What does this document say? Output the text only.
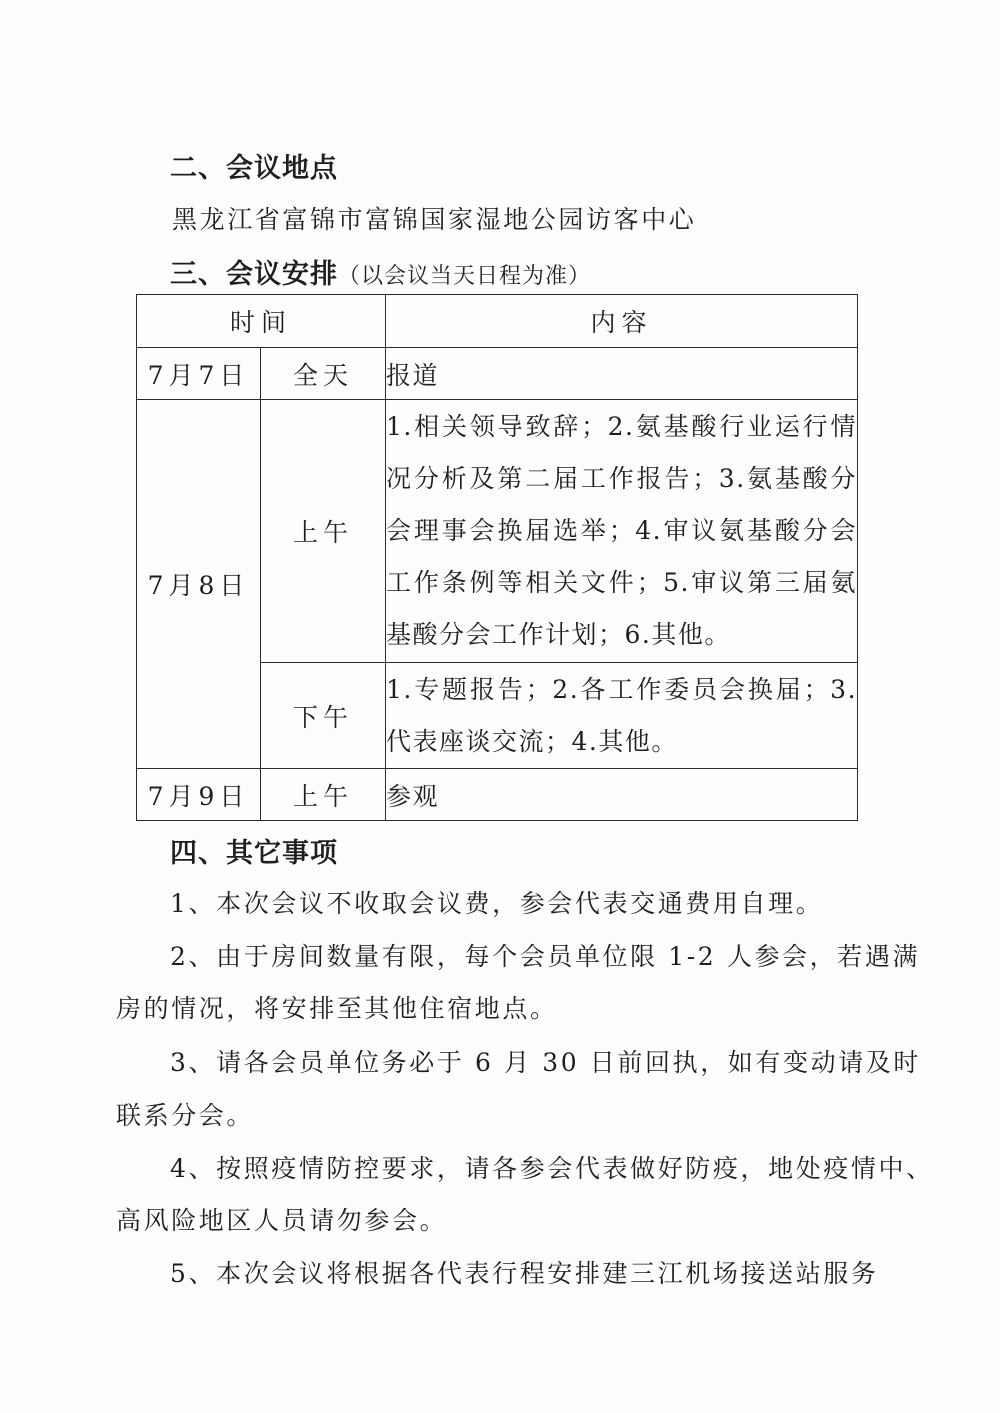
二、会议地点
黑龙江省富锦市富锦国家湿地公园访客中心
三、会议安排（以会议当天日程为准）
时间		内容
7月7日	全天	报道
7月8日	上午	1.相关领导致辞；2.氨基酸行业运行情况分析及第二届工作报告；3.氨基酸分会理事会换届选举；4.审议氨基酸分会工作条例等相关文件；5.审议第三届氨基酸分会工作计划；6.其他。
	下午	1.专题报告；2.各工作委员会换届；3.代表座谈交流；4.其他。
7月9日	上午	参观
四、其它事项
1、本次会议不收取会议费，参会代表交通费用自理。
2、由于房间数量有限，每个会员单位限 1-2 人参会，若遇满
房的情况，将安排至其他住宿地点。
3、请各会员单位务必于 6 月 30 日前回执，如有变动请及时
联系分会。
4、按照疫情防控要求，请各参会代表做好防疫，地处疫情中、
高风险地区人员请勿参会。
5、本次会议将根据各代表行程安排建三江机场接送站服务
